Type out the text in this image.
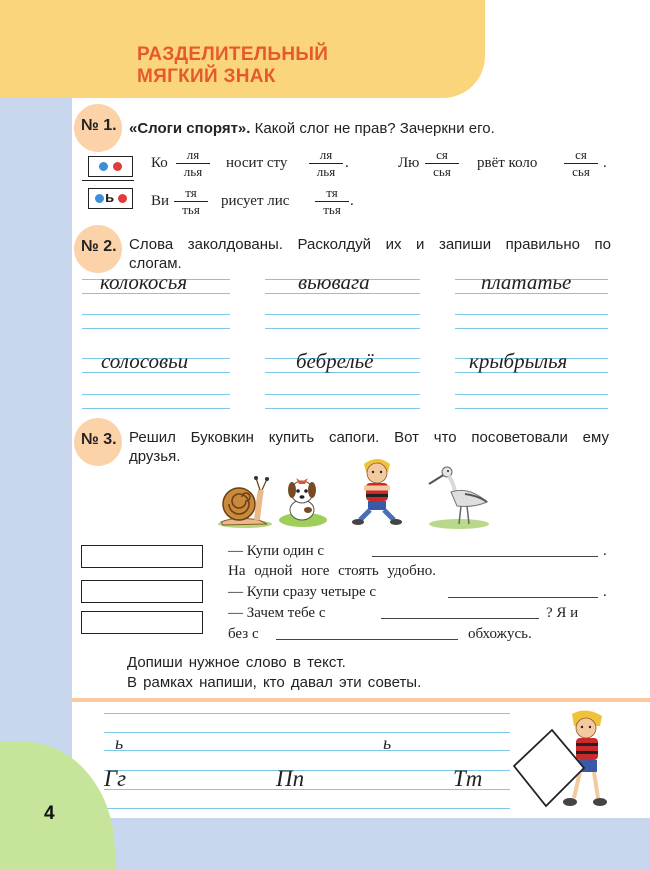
РАЗДЕЛИТЕЛЬНЫЙ
МЯГКИЙ ЗНАК
№ 1. «Слоги спорят». Какой слог не прав? Зачеркни его.
ь
Ко
ля
лья
носит сту
ля
лья
.	Лю
ся
сья
рвёт коло
ся
сья
.
Ви
тя
тья
рисует лис
тя
тья
.
№ 2. Слова заколдованы. Расколдуй их и запиши правильно по слогам.
колокосья	вьювага	плататье
солосовьи	бебрельё	крыбрылья
№ 3. Решил Буковкин купить сапоги. Вот что посоветовали ему друзья.
— Купи один с	.
На одной ноге стоять удобно.
— Купи сразу четыре с	.
— Зачем тебе с	? Я и
без с	обхожусь.
Допиши нужное слово в текст.
В рамках напиши, кто давал эти советы.
ь	ь
Гг	Пп	Тт
4
